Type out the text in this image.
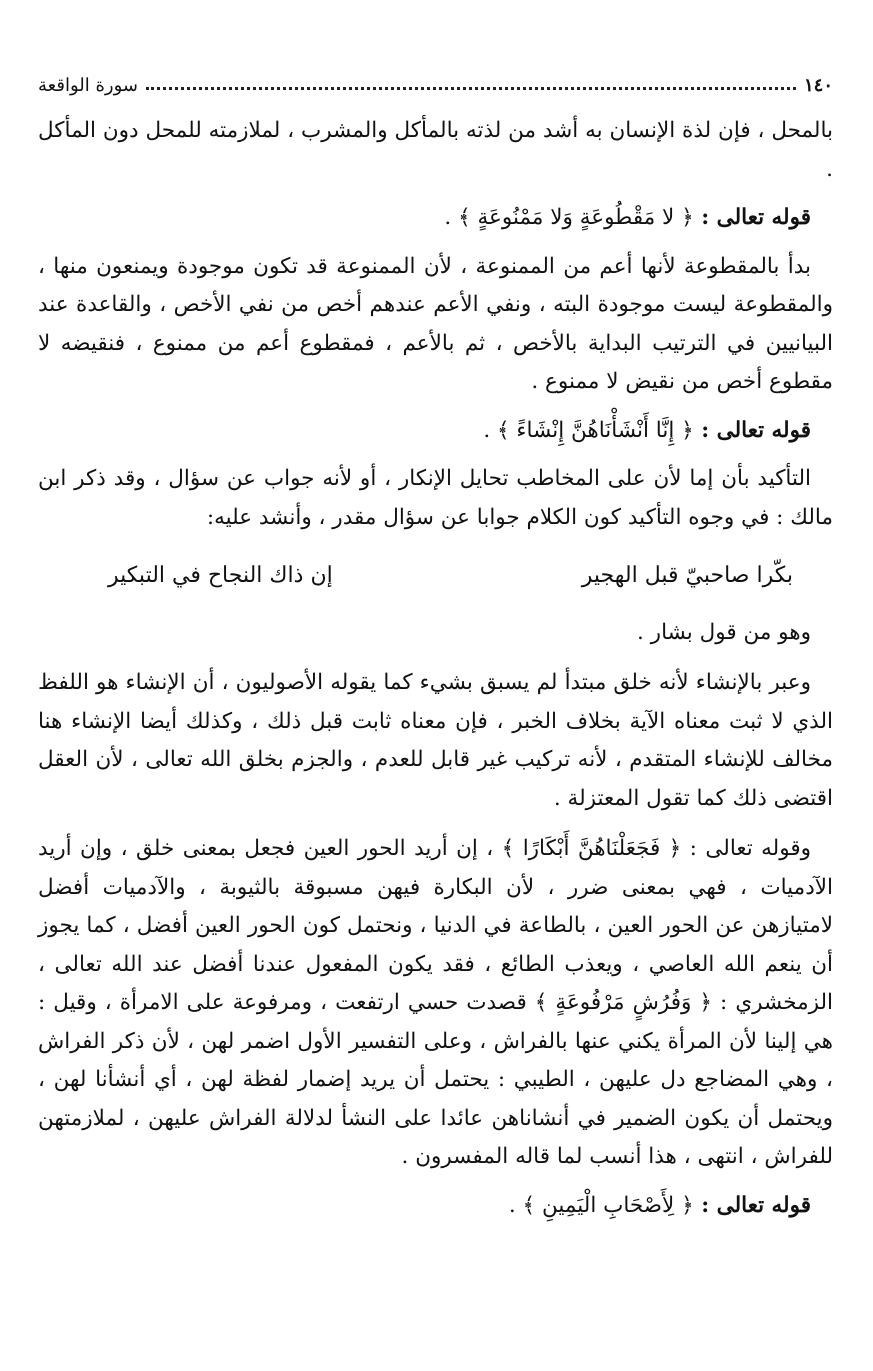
١٤٠
سورة الواقعة

بالمحل ، فإن لذة الإنسان به أشد من لذته بالمأكل والمشرب ، لملازمته للمحل دون المأكل .

قوله تعالى : ﴿ لا مَقْطُوعَةٍ وَلا مَمْنُوعَةٍ ﴾ .

بدأ بالمقطوعة لأنها أعم من الممنوعة ، لأن الممنوعة قد تكون موجودة ويمنعون منها ، والمقطوعة ليست موجودة البته ، ونفي الأعم عندهم أخص من نفي الأخص ، والقاعدة عند البيانيين في الترتيب البداية بالأخص ، ثم بالأعم ، فمقطوع أعم من ممنوع ، فنقيضه لا مقطوع أخص من نقيض لا ممنوع .

قوله تعالى : ﴿ إِنَّا أَنْشَأْنَاهُنَّ إِنْشَاءً ﴾ .

التأكيد بأن إما لأن على المخاطب تحايل الإنكار ، أو لأنه جواب عن سؤال ، وقد ذكر ابن مالك : في وجوه التأكيد كون الكلام جوابا عن سؤال مقدر ، وأنشد عليه:

بكّرا صاحبيّ قبل الهجير
إن ذاك النجاح في التبكير

وهو من قول بشار .

وعبر بالإنشاء لأنه خلق مبتدأ لم يسبق بشيء كما يقوله الأصوليون ، أن الإنشاء هو اللفظ الذي لا ثبت معناه الآية بخلاف الخبر ، فإن معناه ثابت قبل ذلك ، وكذلك أيضا الإنشاء هنا مخالف للإنشاء المتقدم ، لأنه تركيب غير قابل للعدم ، والجزم بخلق الله تعالى ، لأن العقل اقتضى ذلك كما تقول المعتزلة .

وقوله تعالى : ﴿ فَجَعَلْنَاهُنَّ أَبْكَارًا ﴾ ، إن أريد الحور العين فجعل بمعنى خلق ، وإن أريد الآدميات ، فهي بمعنى ضرر ، لأن البكارة فيهن مسبوقة بالثيوبة ، والآدميات أفضل لامتيازهن عن الحور العين ، بالطاعة في الدنيا ، ونحتمل كون الحور العين أفضل ، كما يجوز أن ينعم الله العاصي ، ويعذب الطائع ، فقد يكون المفعول عندنا أفضل عند الله تعالى ، الزمخشري : ﴿ وَفُرُشٍ مَرْفُوعَةٍ ﴾ قصدت حسي ارتفعت ، ومرفوعة على الامرأة ، وقيل : هي إلينا لأن المرأة يكني عنها بالفراش ، وعلى التفسير الأول اضمر لهن ، لأن ذكر الفراش ، وهي المضاجع دل عليهن ، الطيبي : يحتمل أن يريد إضمار لفظة لهن ، أي أنشأنا لهن ، ويحتمل أن يكون الضمير في أنشاناهن عائدا على النشأ لدلالة الفراش عليهن ، لملازمتهن للفراش ، انتهى ، هذا أنسب لما قاله المفسرون .

قوله تعالى : ﴿ لِأَصْحَابِ الْيَمِينِ ﴾ .
